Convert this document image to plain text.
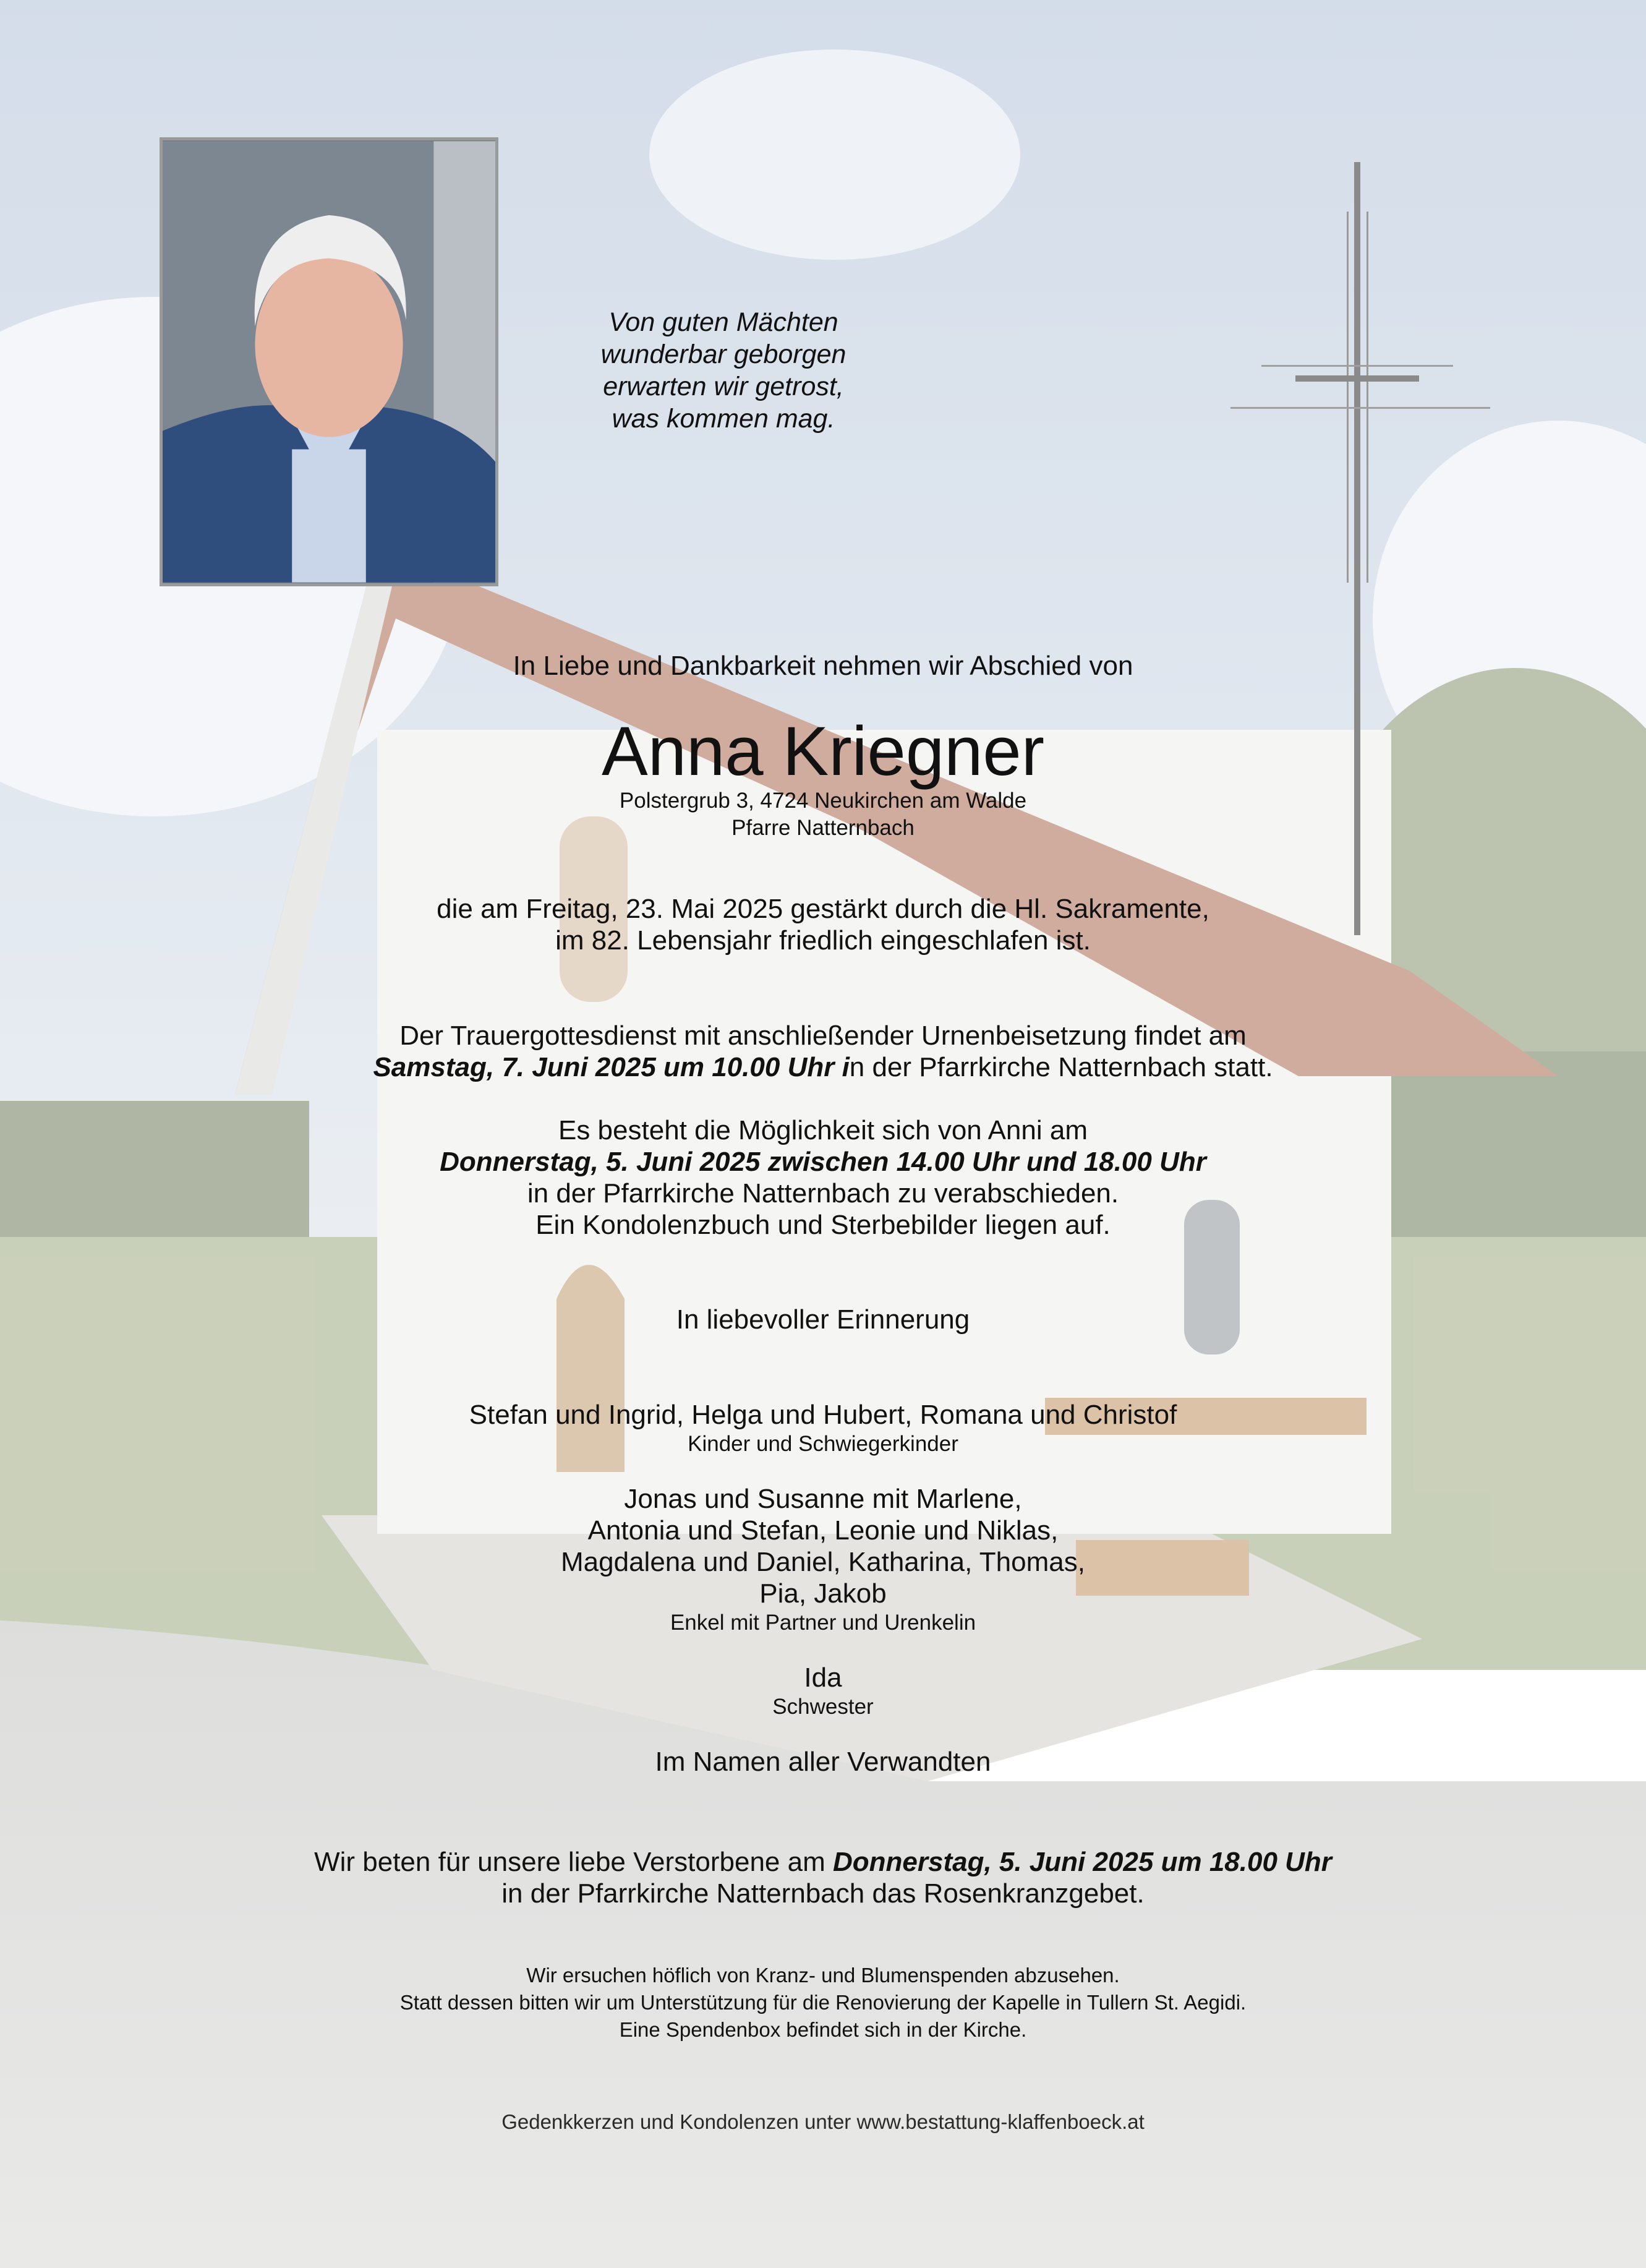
Von guten Mächten
wunderbar geborgen
erwarten wir getrost,
was kommen mag.
In Liebe und Dankbarkeit nehmen wir Abschied von
Anna Kriegner
Polstergrub 3, 4724 Neukirchen am Walde
Pfarre Natternbach
die am Freitag, 23. Mai 2025 gestärkt durch die Hl. Sakramente,
im 82. Lebensjahr friedlich eingeschlafen ist.
Der Trauergottesdienst mit anschließender Urnenbeisetzung findet am
Samstag, 7. Juni 2025 um 10.00 Uhr in der Pfarrkirche Natternbach statt.
Es besteht die Möglichkeit sich von Anni am
Donnerstag, 5. Juni 2025 zwischen 14.00 Uhr und 18.00 Uhr
in der Pfarrkirche Natternbach zu verabschieden.
Ein Kondolenzbuch und Sterbebilder liegen auf.
In liebevoller Erinnerung
Stefan und Ingrid, Helga und Hubert, Romana und Christof
Kinder und Schwiegerkinder
Jonas und Susanne mit Marlene,
Antonia und Stefan, Leonie und Niklas,
Magdalena und Daniel, Katharina, Thomas,
Pia, Jakob
Enkel mit Partner und Urenkelin
Ida
Schwester
Im Namen aller Verwandten
Wir beten für unsere liebe Verstorbene am Donnerstag, 5. Juni 2025 um 18.00 Uhr
in der Pfarrkirche Natternbach das Rosenkranzgebet.
Wir ersuchen höflich von Kranz- und Blumenspenden abzusehen.
Statt dessen bitten wir um Unterstützung für die Renovierung der Kapelle in Tullern St. Aegidi.
Eine Spendenbox befindet sich in der Kirche.
Gedenkkerzen und Kondolenzen unter www.bestattung-klaffenboeck.at
